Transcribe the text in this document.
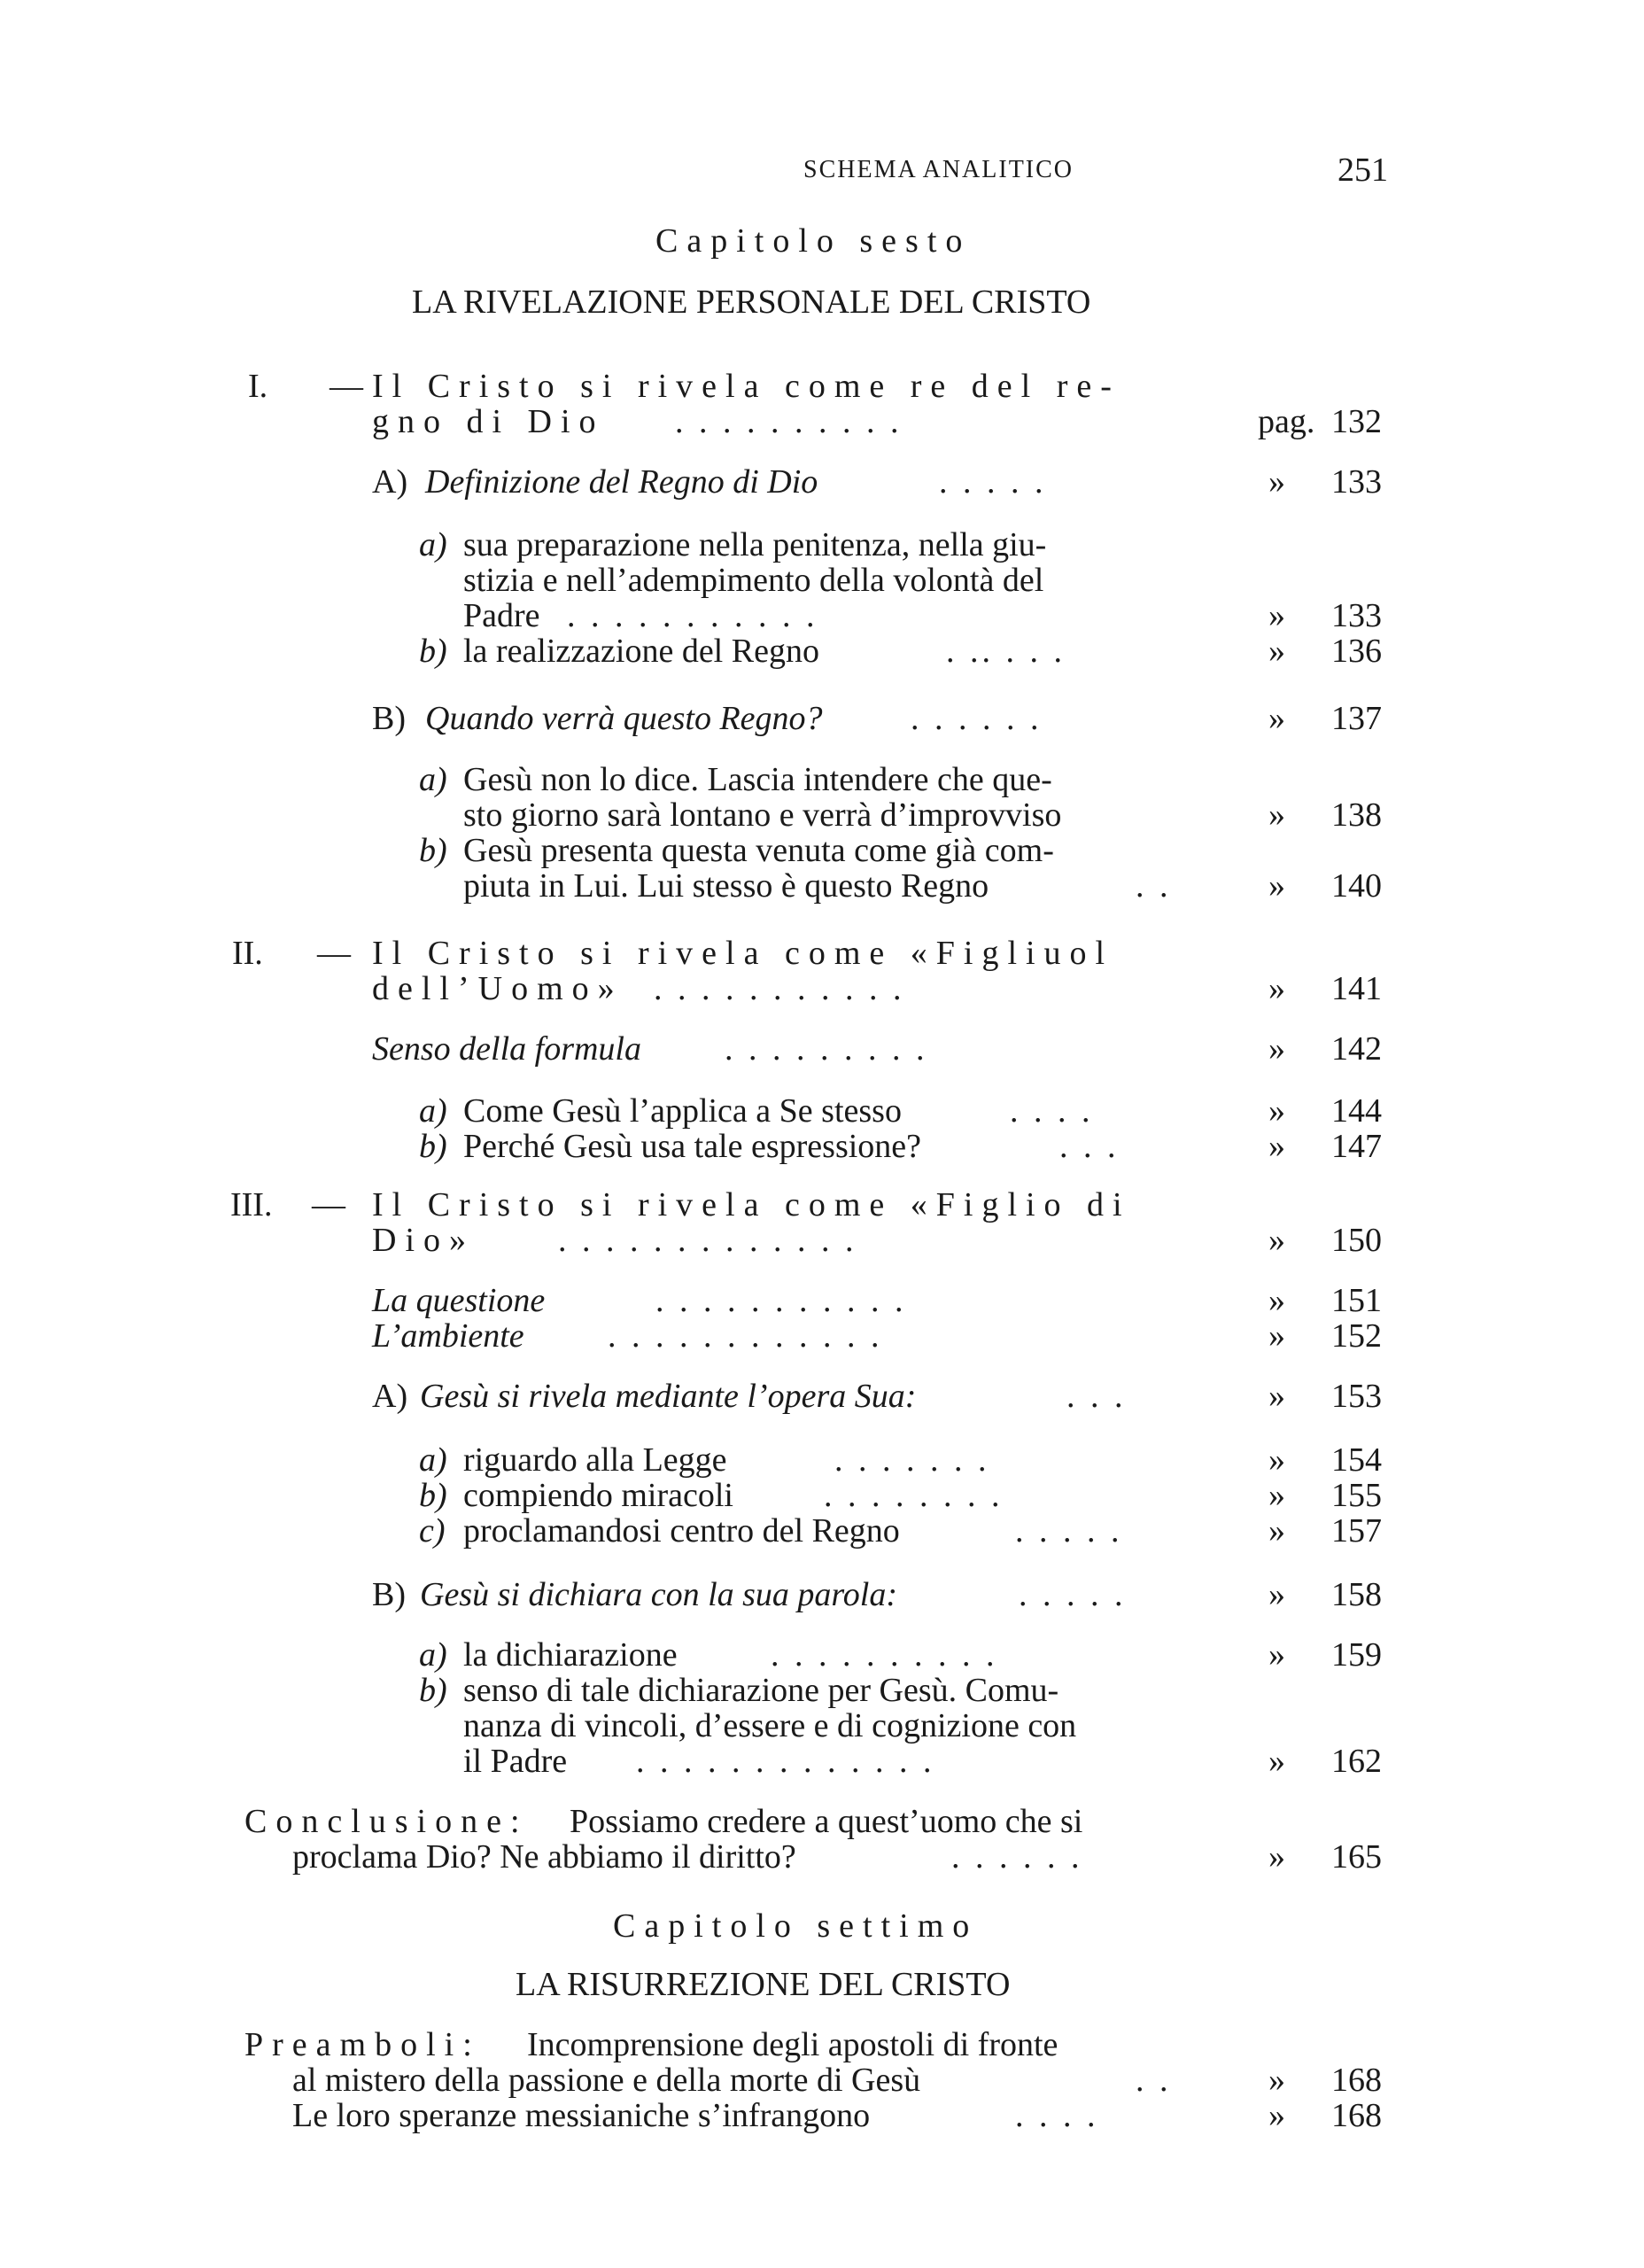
SCHEMA ANALITICO	251
Capitolo sesto
LA RIVELAZIONE PERSONALE DEL CRISTO
I. — Il Cristo si rivela come re del re-
gno di Dio . . . . . . . . . .	pag. 132
A) Definizione del Regno di Dio	. . . . .	»	133
a) sua preparazione nella penitenza, nella giu-
stizia e nell’adempimento della volontà del
Padre . . . . . . . . . . .	»	133
b) la realizzazione del Regno	. .. . . .	»	136
B) Quando verrà questo Regno?	. . . . . .	»	137
a) Gesù non lo dice. Lascia intendere che que-
sto giorno sarà lontano e verrà d’improvviso	»	138
b) Gesù presenta questa venuta come già com-
piuta in Lui. Lui stesso è questo Regno	. .	»	140
II. — Il Cristo si rivela come «Figliuol
dell’Uomo» . . . . . . . . . . .	»	141
Senso della formula . . . . . . . . .	»	142
a) Come Gesù l’applica a Se stesso	. . . .	»	144
b) Perché Gesù usa tale espressione?	. . .	»	147
III. — Il Cristo si rivela come «Figlio di
Dio» . . . . . . . . . . . . .	»	150
La questione	. . . . . . . . . . .	»	151
L’ambiente . . . . . . . . . . . .	»	152
A) Gesù si rivela mediante l’opera Sua:	. . .	»	153
a) riguardo alla Legge	. . . . . . .	»	154
b) compiendo miracoli	. . . . . . . .	»	155
c) proclamandosi centro del Regno	. . . . .	»	157
B) Gesù si dichiara con la sua parola:	. . . . .	»	158
a) la dichiarazione	. . . . . . . . . .	»	159
b) senso di tale dichiarazione per Gesù. Comu-
nanza di vincoli, d’essere e di cognizione con
il Padre . . . . . . . . . . . . .	»	162
Conclusione: Possiamo credere a quest’uomo che si
proclama Dio? Ne abbiamo il diritto?	. . . . . .	»	165
Capitolo settimo
LA RISURREZIONE DEL CRISTO
Preamboli: Incomprensione degli apostoli di fronte
al mistero della passione e della morte di Gesù	. .	»	168
Le loro speranze messianiche s’infrangono	. . . .	»	168
